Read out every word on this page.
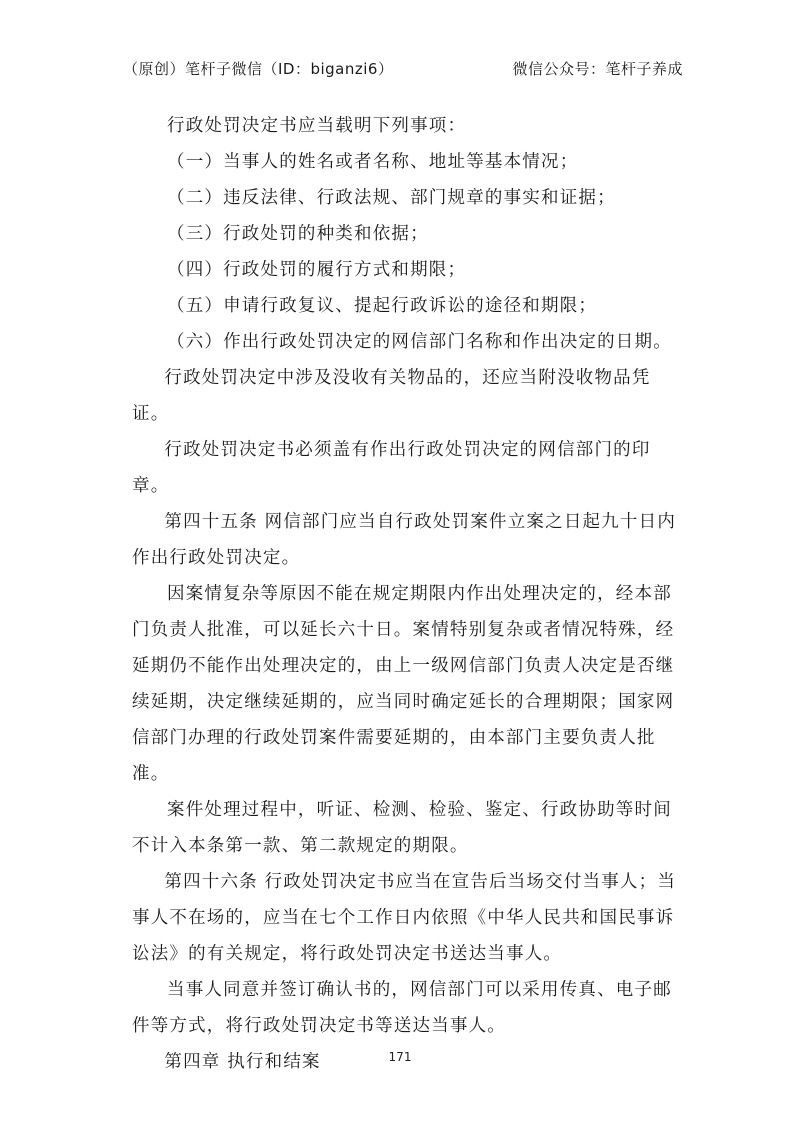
（原创）笔杆子微信（ID：biganzi6）	微信公众号：笔杆子养成

行政处罚决定书应当载明下列事项：

（一）当事人的姓名或者名称、地址等基本情况；

（二）违反法律、行政法规、部门规章的事实和证据；

（三）行政处罚的种类和依据；

（四）行政处罚的履行方式和期限；

（五）申请行政复议、提起行政诉讼的途径和期限；

（六）作出行政处罚决定的网信部门名称和作出决定的日期。

行政处罚决定中涉及没收有关物品的，还应当附没收物品凭证。

行政处罚决定书必须盖有作出行政处罚决定的网信部门的印章。

第四十五条 网信部门应当自行政处罚案件立案之日起九十日内作出行政处罚决定。

因案情复杂等原因不能在规定期限内作出处理决定的，经本部门负责人批准，可以延长六十日。案情特别复杂或者情况特殊，经延期仍不能作出处理决定的，由上一级网信部门负责人决定是否继续延期，决定继续延期的，应当同时确定延长的合理期限；国家网信部门办理的行政处罚案件需要延期的，由本部门主要负责人批准。

案件处理过程中，听证、检测、检验、鉴定、行政协助等时间不计入本条第一款、第二款规定的期限。

第四十六条 行政处罚决定书应当在宣告后当场交付当事人；当事人不在场的，应当在七个工作日内依照《中华人民共和国民事诉讼法》的有关规定，将行政处罚决定书送达当事人。

当事人同意并签订确认书的，网信部门可以采用传真、电子邮件等方式，将行政处罚决定书等送达当事人。

第四章 执行和结案	171
